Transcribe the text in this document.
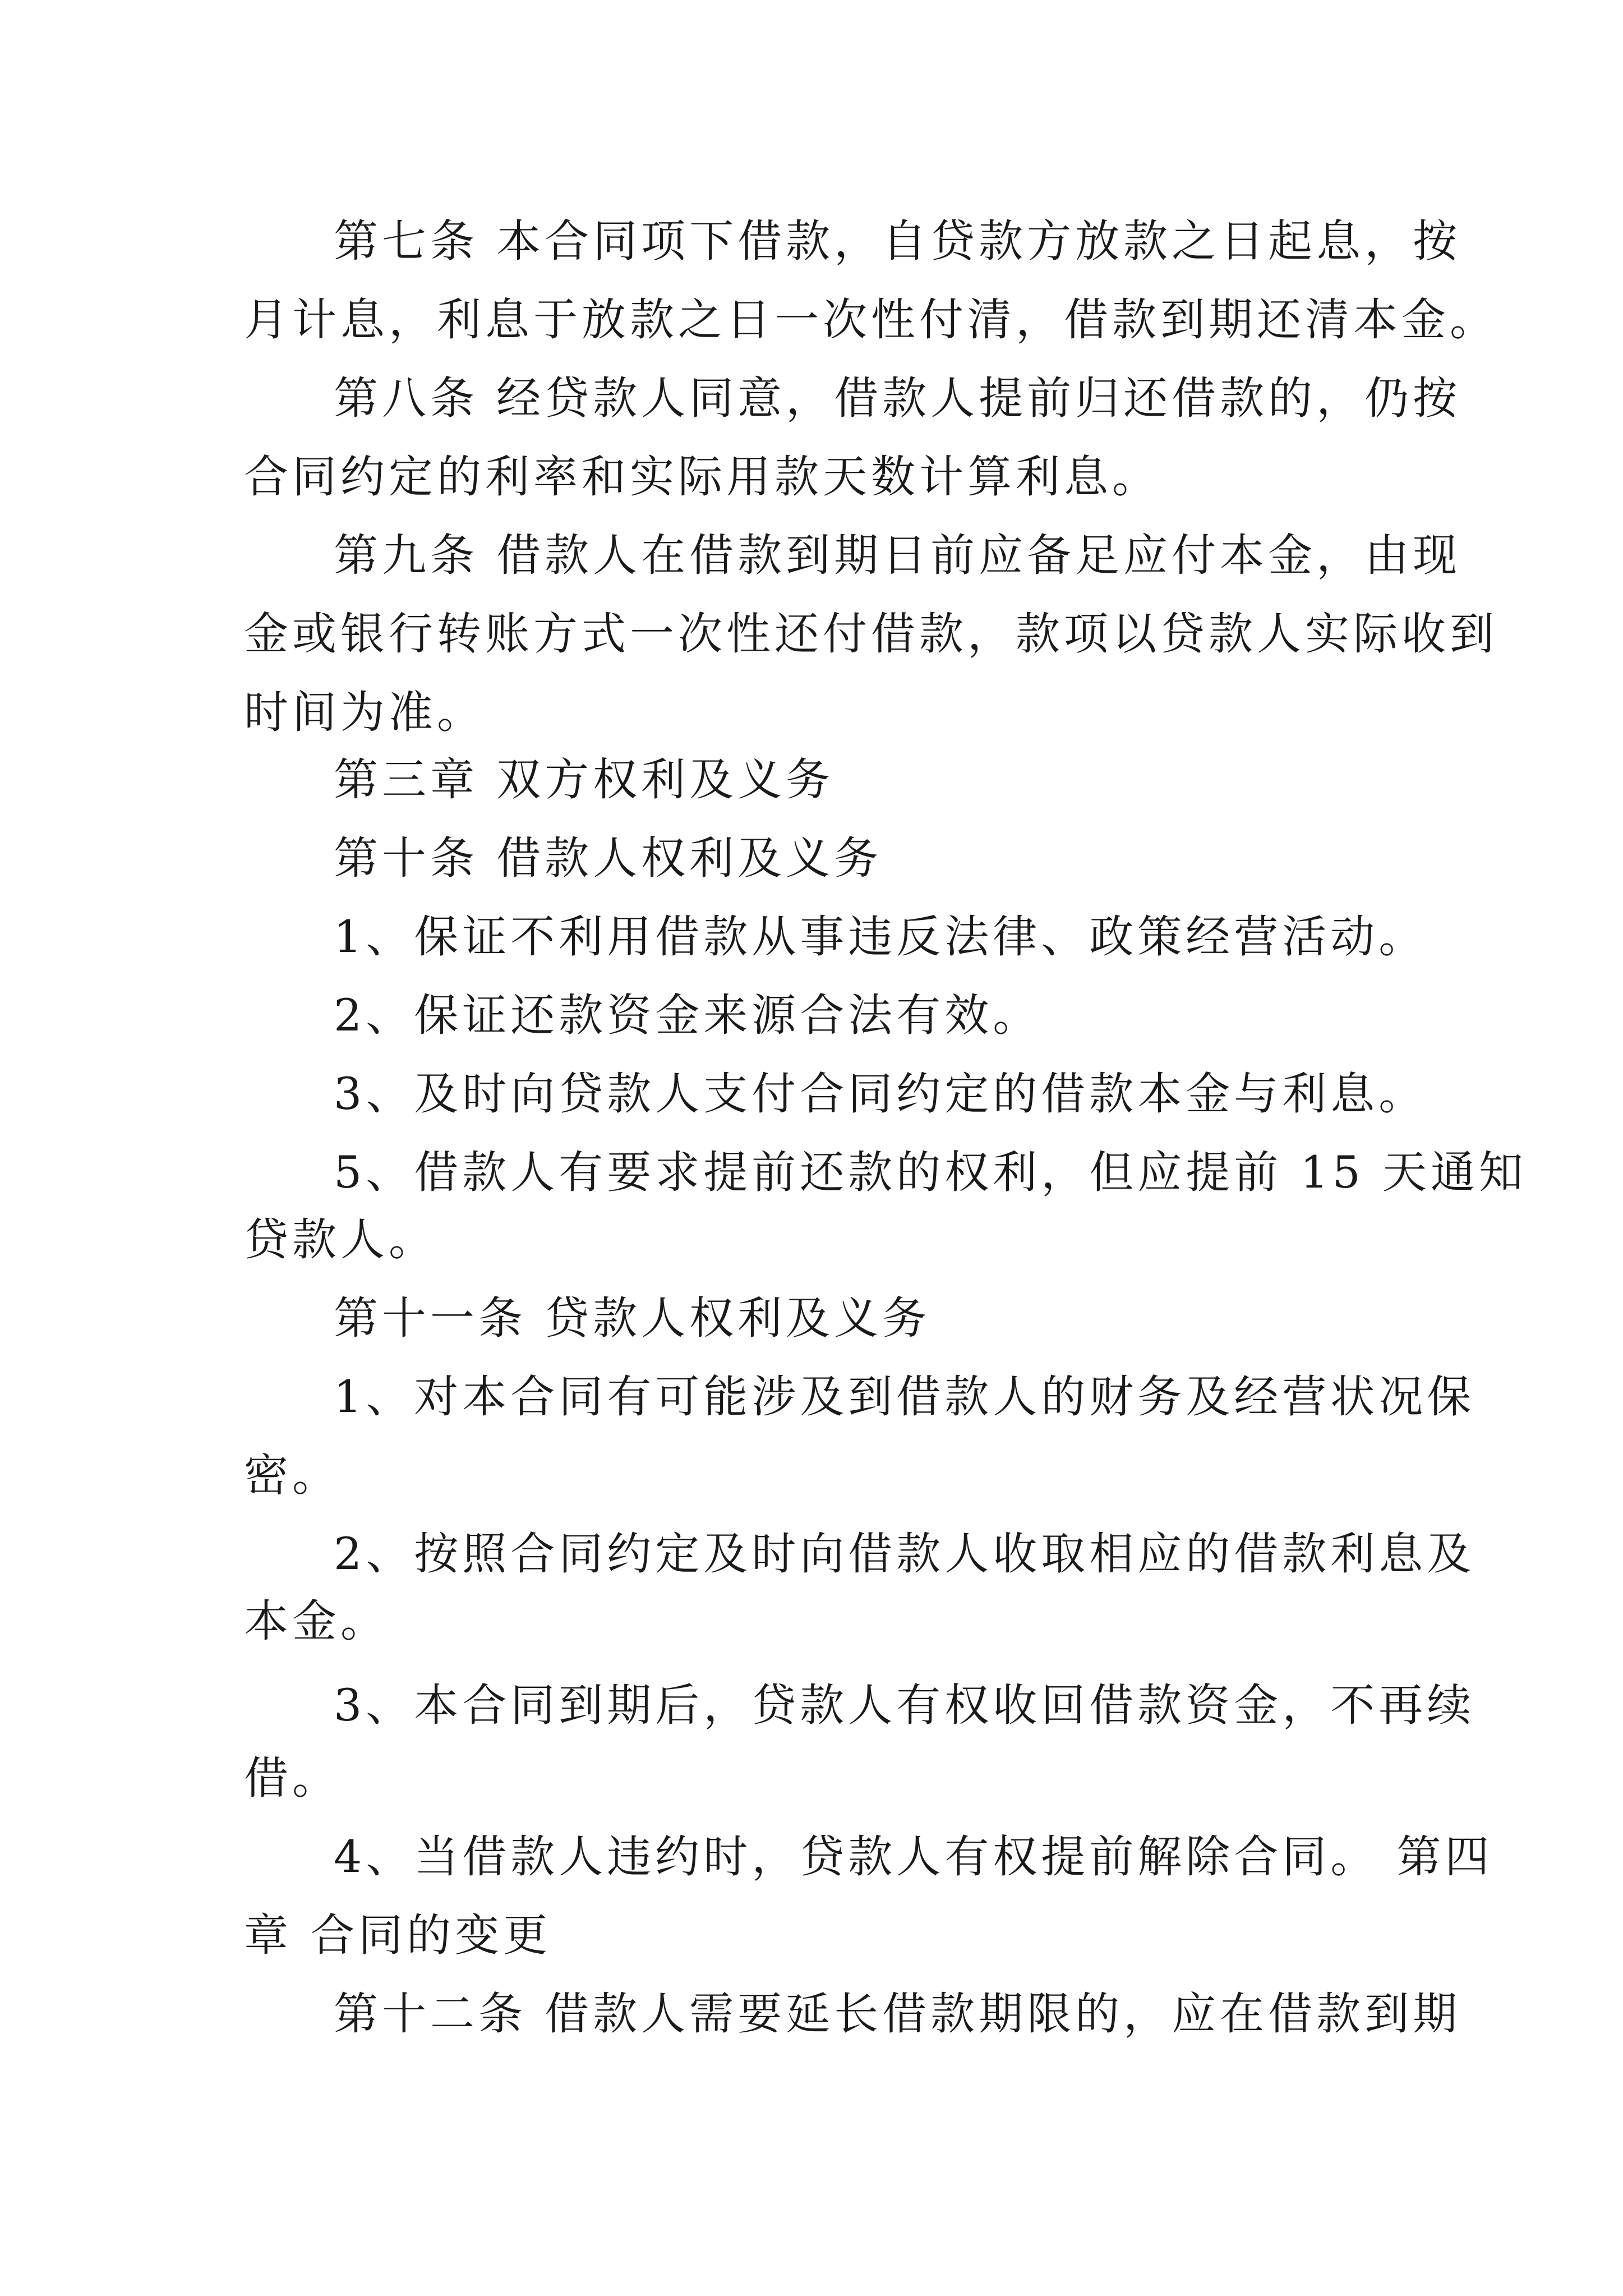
第七条 本合同项下借款，自贷款方放款之日起息，按
月计息，利息于放款之日一次性付清，借款到期还清本金。
第八条 经贷款人同意，借款人提前归还借款的，仍按
合同约定的利率和实际用款天数计算利息。
第九条 借款人在借款到期日前应备足应付本金，由现
金或银行转账方式一次性还付借款，款项以贷款人实际收到
时间为准。
第三章 双方权利及义务
第十条 借款人权利及义务
1、保证不利用借款从事违反法律、政策经营活动。
2、保证还款资金来源合法有效。
3、及时向贷款人支付合同约定的借款本金与利息。
5、借款人有要求提前还款的权利，但应提前 15 天通知
贷款人。
第十一条 贷款人权利及义务
1、对本合同有可能涉及到借款人的财务及经营状况保
密。
2、按照合同约定及时向借款人收取相应的借款利息及
本金。
3、本合同到期后，贷款人有权收回借款资金，不再续
借。
4、当借款人违约时，贷款人有权提前解除合同。 第四
章 合同的变更
第十二条 借款人需要延长借款期限的，应在借款到期
